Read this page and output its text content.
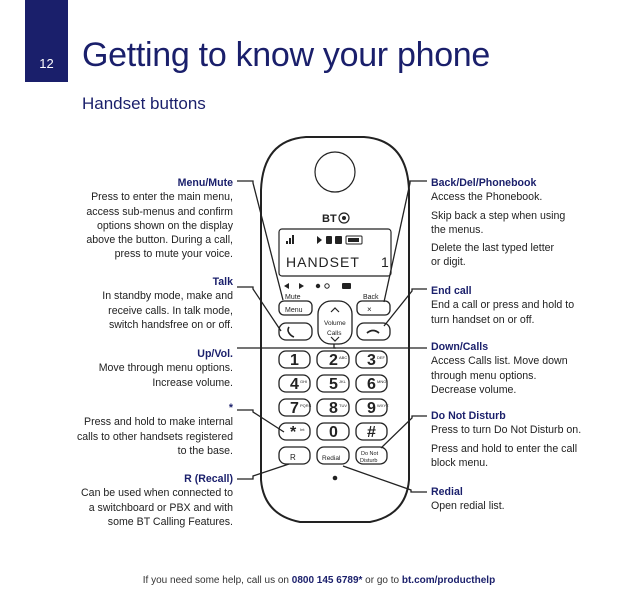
12 Getting to know your phone
Handset buttons
BT
HANDSET 1
Mute	Back
Menu	×
Volume
Calls
1 2 ABC 3 DEF
4 GHI 5 JKL 6 MNO
7 PQRS 8 TUV 9 WXYZ
* Int 0 #
R	Redial
Do Not
Disturb
Menu/Mute

Press to enter the main menu,

access sub-menus and confirm

options shown on the display

above the button. During a call,

press to mute your voice.

Talk

In standby mode, make and

receive calls. In talk mode,

switch handsfree on or off.

Up/Vol.

Move through menu options.

Increase volume.

*

Press and hold to make internal

calls to other handsets registered

to the base.

R (Recall)

Can be used when connected to

a switchboard or PBX and with

some BT Calling Features.

Back/Del/Phonebook

Access the Phonebook.

Skip back a step when using

the menus.

Delete the last typed letter

or digit.

End call

End a call or press and hold to

turn handset on or off.

Down/Calls

Access Calls list. Move down

through menu options.

Decrease volume.

Do Not Disturb

Press to turn Do Not Disturb on.

Press and hold to enter the call

block menu.

Redial

Open redial list.

If you need some help, call us on 0800 145 6789* or go to bt.com/producthelp
